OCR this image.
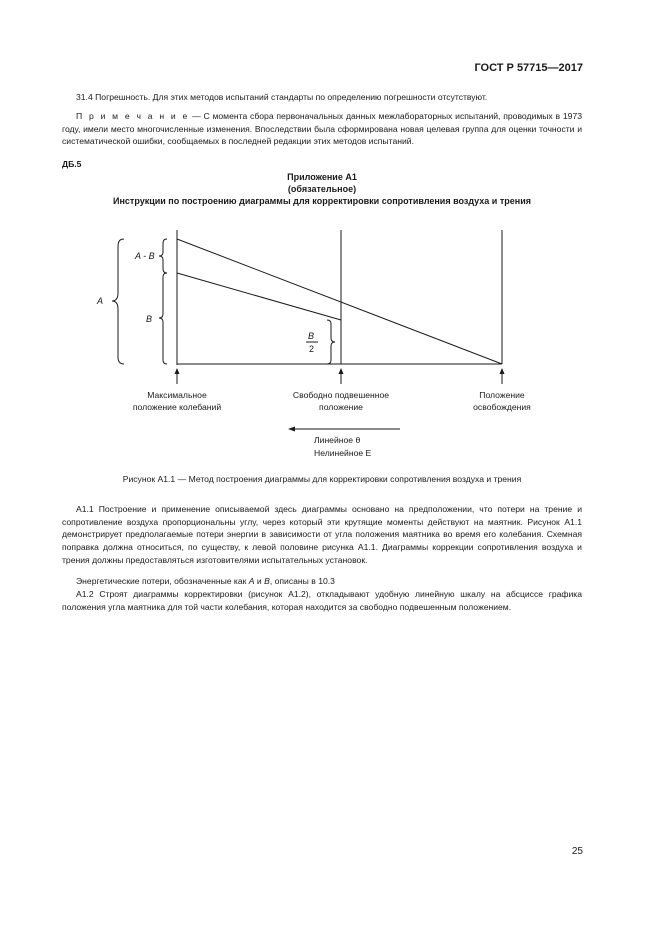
ГОСТ Р 57715—2017
31.4 Погрешность. Для этих методов испытаний стандарты по определению погрешности отсутствуют.
П р и м е ч а н и е — С момента сбора первоначальных данных межлабораторных испытаний, проводимых в 1973 году, имели место многочисленные изменения. Впоследствии была сформирована новая целевая группа для оценки точности и систематической ошибки, сообщаемых в последней редакции этих методов испытаний.
ДБ.5
Приложение А1
(обязательное)
Инструкции по построению диаграммы для корректировки сопротивления воздуха и трения
A
A - B
B
B
2
Максимальное
положение колебаний
Свободно подвешенное
положение
Положение
освобождения
Линейное θ
Нелинейное E
Рисунок А1.1 — Метод построения диаграммы для корректировки сопротивления воздуха и трения
А1.1 Построение и применение описываемой здесь диаграммы основано на предположении, что потери на трение и сопротивление воздуха пропорциональны углу, через который эти крутящие моменты действуют на маятник. Рисунок А1.1 демонстрирует предполагаемые потери энергии в зависимости от угла положения маятника во время его колебания. Схемная поправка должна относиться, по существу, к левой половине рисунка А1.1. Диаграммы коррекции сопротивления воздуха и трения должны предоставляться изготовителями испытательных установок.
Энергетические потери, обозначенные как А и В, описаны в 10.3
А1.2 Строят диаграммы корректировки (рисунок А1.2), откладывают удобную линейную шкалу на абсциссе графика положения угла маятника для той части колебания, которая находится за свободно подвешенным положением.
25
